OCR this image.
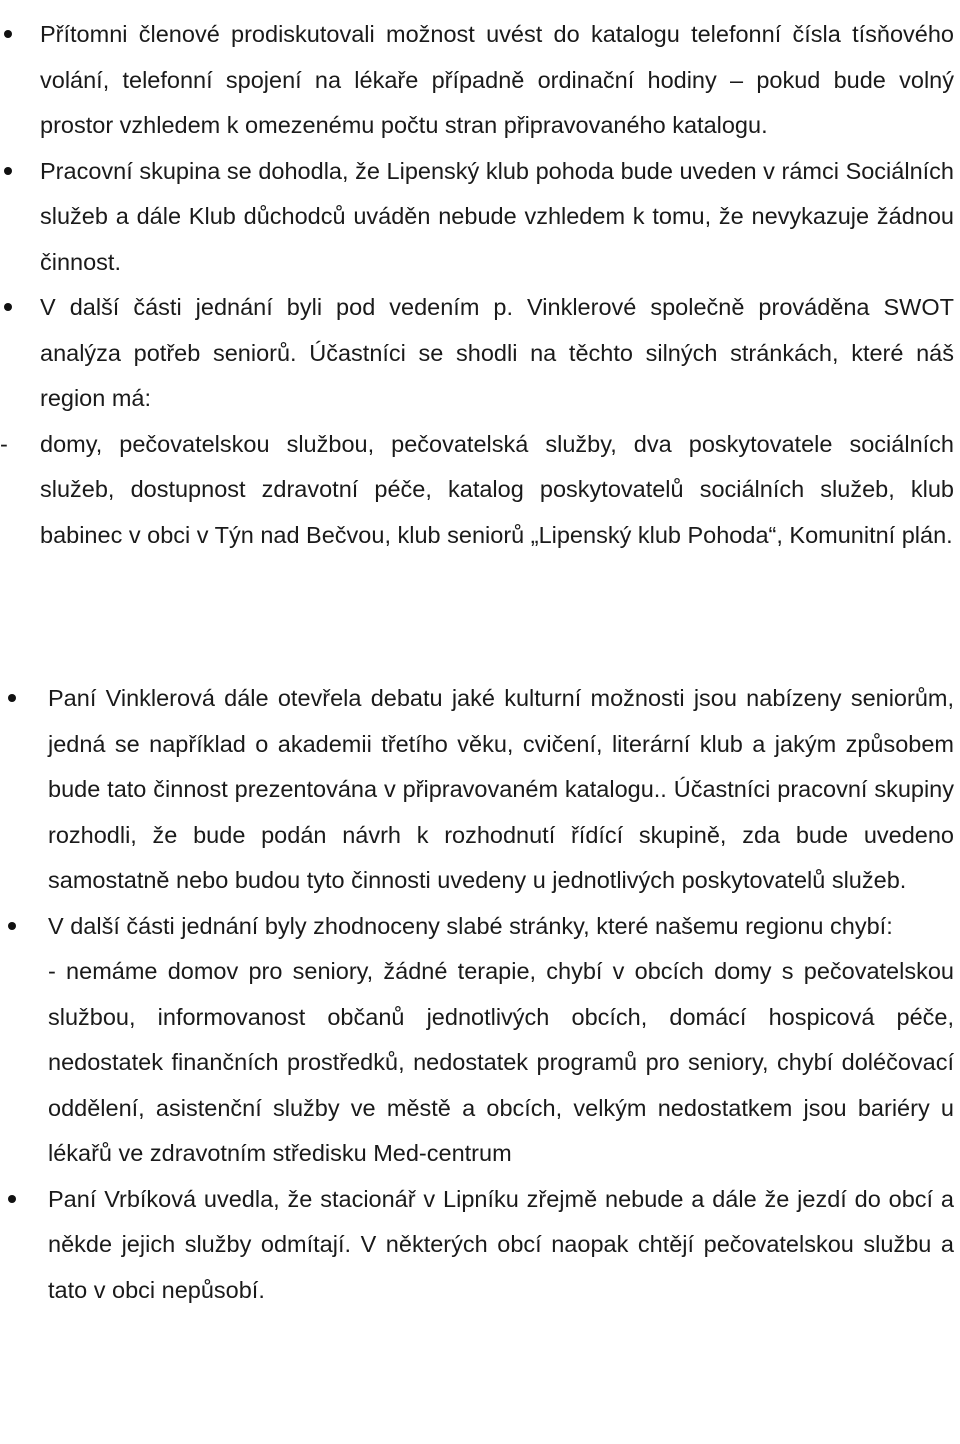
Přítomni členové prodiskutovali možnost uvést do katalogu telefonní čísla tísňového volání, telefonní spojení na lékaře případně ordinační hodiny – pokud bude volný prostor vzhledem k omezenému počtu stran připravovaného katalogu.

Pracovní skupina se dohodla, že Lipenský klub pohoda bude uveden v rámci Sociálních služeb a dále Klub důchodců uváděn nebude vzhledem k tomu, že nevykazuje žádnou činnost.

V další části jednání byli pod vedením p. Vinklerové společně prováděna SWOT analýza potřeb seniorů. Účastníci se shodli na těchto silných stránkách, které náš region má:

- domy, pečovatelskou službou, pečovatelská služby, dva poskytovatele sociálních služeb, dostupnost zdravotní péče, katalog poskytovatelů sociálních služeb, klub babinec v obci v Týn nad Bečvou, klub seniorů „Lipenský klub Pohoda“, Komunitní plán.

Paní Vinklerová dále otevřela debatu jaké kulturní možnosti jsou nabízeny seniorům, jedná se například o akademii třetího věku, cvičení, literární klub a jakým způsobem bude tato činnost prezentována v připravovaném katalogu.. Účastníci pracovní skupiny rozhodli, že bude podán návrh k rozhodnutí řídící skupině, zda bude uvedeno samostatně nebo budou tyto činnosti uvedeny u jednotlivých poskytovatelů služeb.

V další části jednání byly zhodnoceny slabé stránky, které našemu regionu chybí:

- nemáme domov pro seniory, žádné terapie, chybí v obcích domy s pečovatelskou službou, informovanost občanů jednotlivých obcích, domácí hospicová péče, nedostatek finančních prostředků, nedostatek programů pro seniory, chybí doléčovací oddělení, asistenční služby ve městě a obcích, velkým nedostatkem jsou bariéry u lékařů ve zdravotním středisku Med-centrum

Paní Vrbíková uvedla, že stacionář v Lipníku zřejmě nebude a dále že jezdí do obcí a někde jejich služby odmítají. V některých obcí naopak chtějí pečovatelskou službu a tato v obci nepůsobí.
